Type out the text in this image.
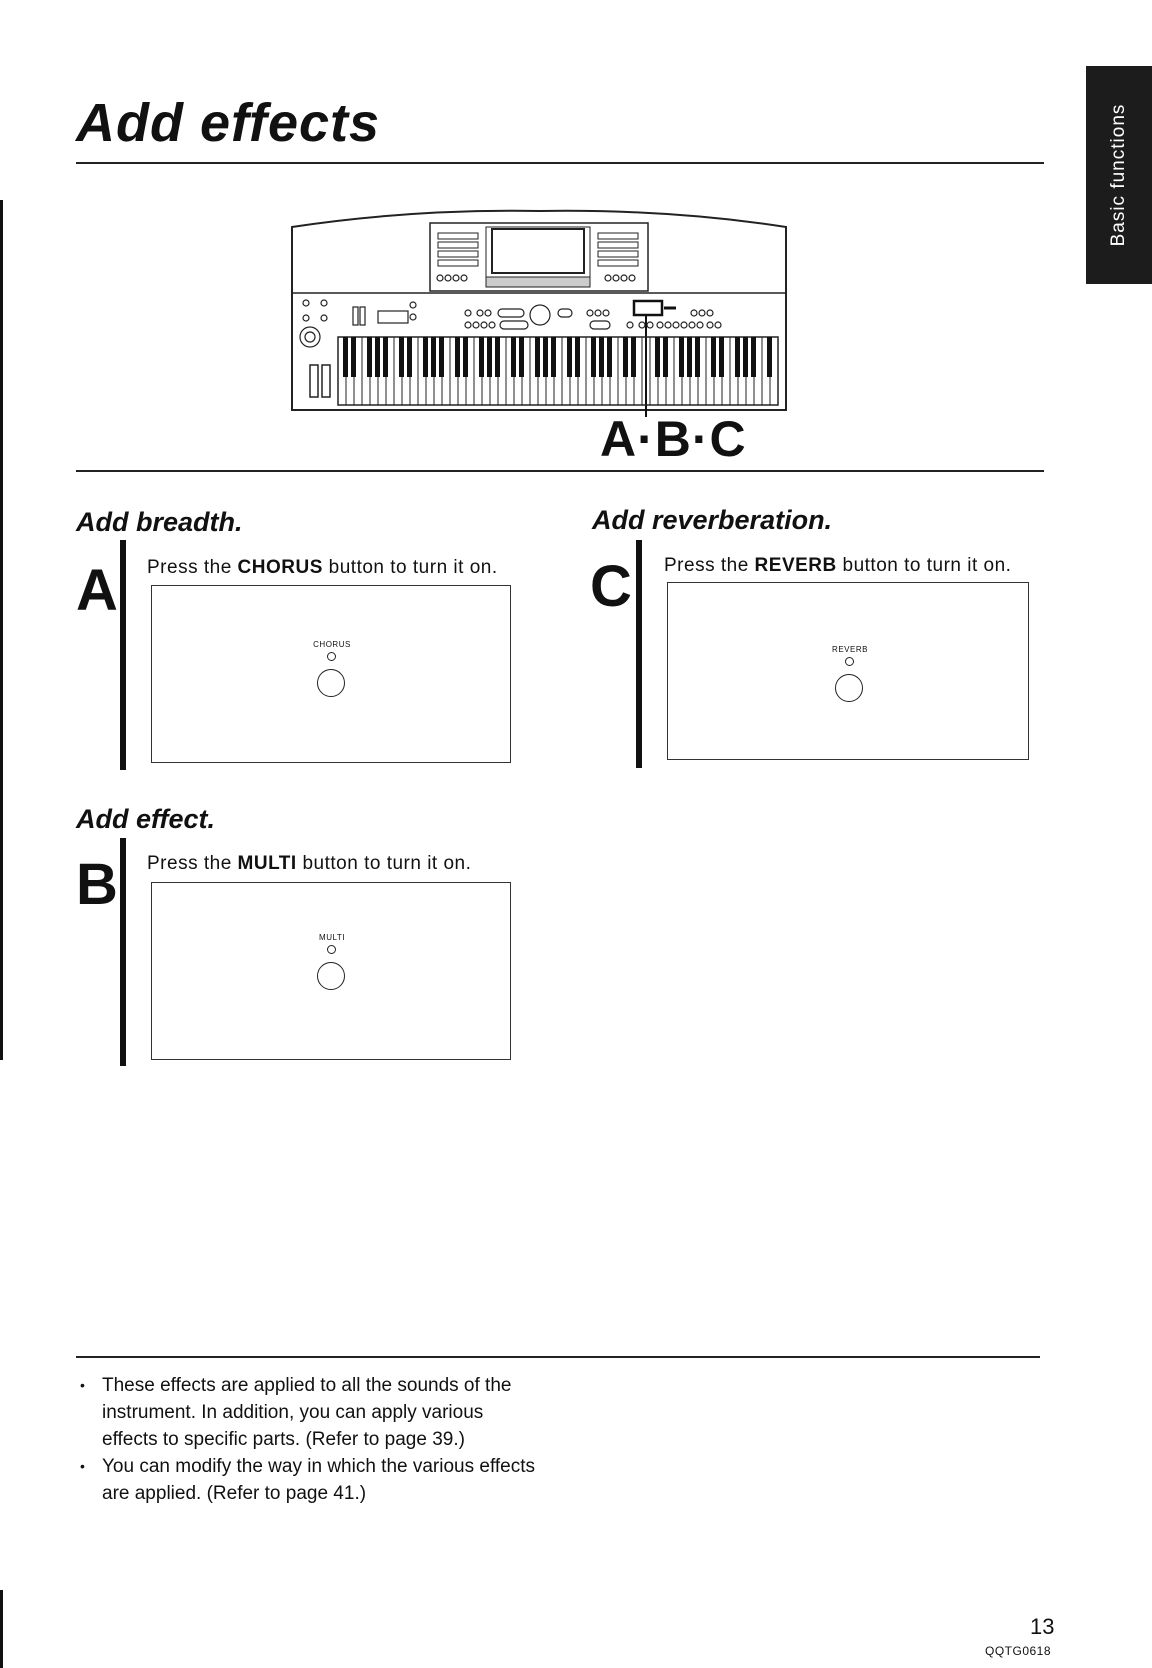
Add effects	Basic functions
A·B·C
Add breadth.
A Press the CHORUS button to turn it on.
CHORUS
Add reverberation.
C Press the REVERB button to turn it on.
REVERB
Add effect.
B Press the MULTI button to turn it on.
MULTI
• These effects are applied to all the sounds of the instrument. In addition, you can apply various effects to specific parts. (Refer to page 39.)
• You can modify the way in which the various effects are applied. (Refer to page 41.)
13
QQTG0618
